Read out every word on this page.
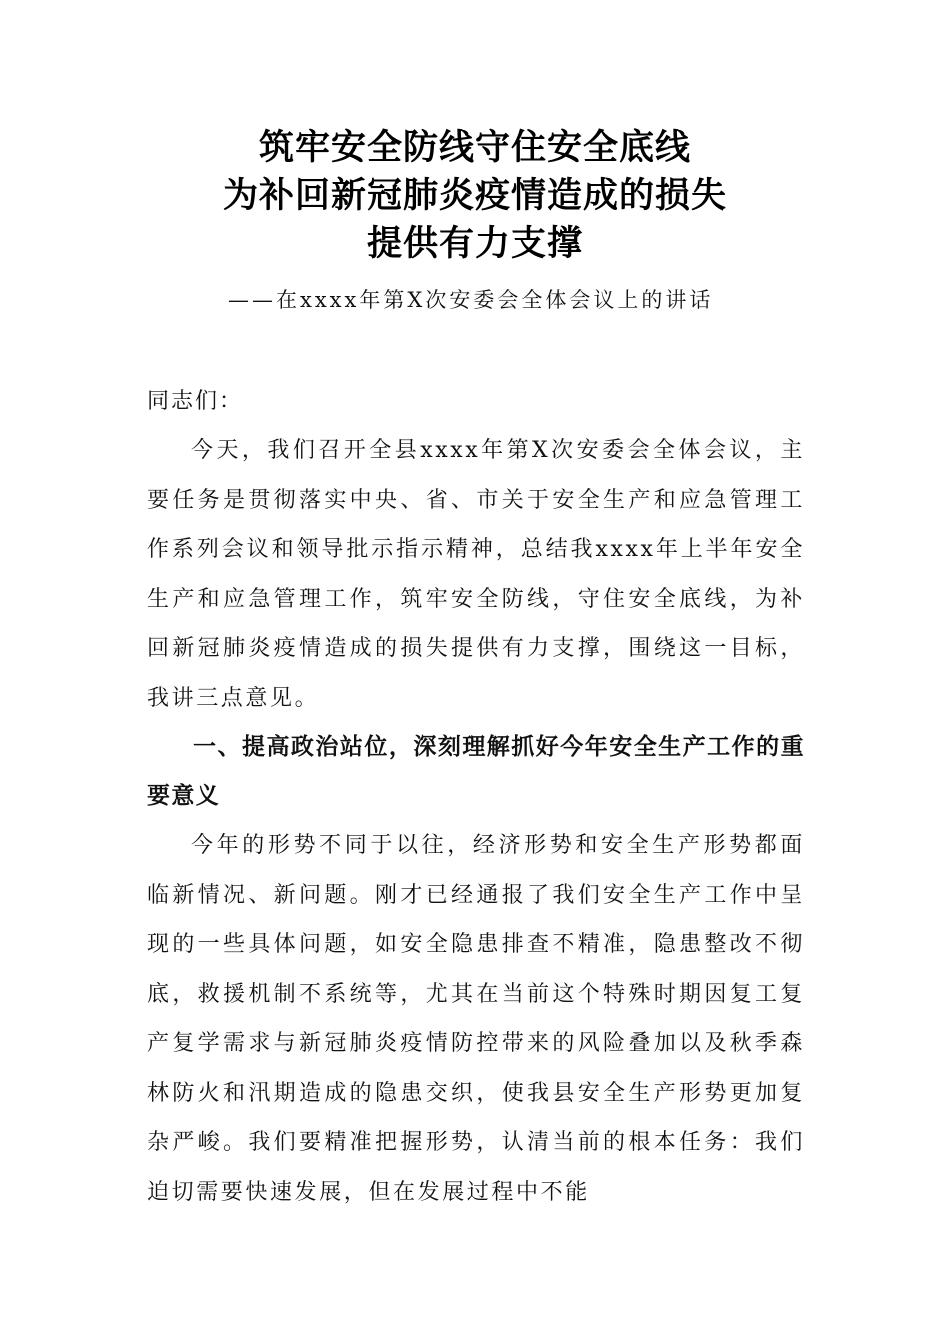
筑牢安全防线守住安全底线
为补回新冠肺炎疫情造成的损失
提供有力支撑
——在xxxx年第X次安委会全体会议上的讲话

同志们：

今天，我们召开全县xxxx年第X次安委会全体会议，主要任务是贯彻落实中央、省、市关于安全生产和应急管理工作系列会议和领导批示指示精神，总结我xxxx年上半年安全生产和应急管理工作，筑牢安全防线，守住安全底线，为补回新冠肺炎疫情造成的损失提供有力支撑，围绕这一目标，我讲三点意见。

一、提高政治站位，深刻理解抓好今年安全生产工作的重要意义

今年的形势不同于以往，经济形势和安全生产形势都面临新情况、新问题。刚才已经通报了我们安全生产工作中呈现的一些具体问题，如安全隐患排查不精准，隐患整改不彻底，救援机制不系统等，尤其在当前这个特殊时期因复工复产复学需求与新冠肺炎疫情防控带来的风险叠加以及秋季森林防火和汛期造成的隐患交织，使我县安全生产形势更加复杂严峻。我们要精准把握形势，认清当前的根本任务：我们迫切需要快速发展，但在发展过程中不能
